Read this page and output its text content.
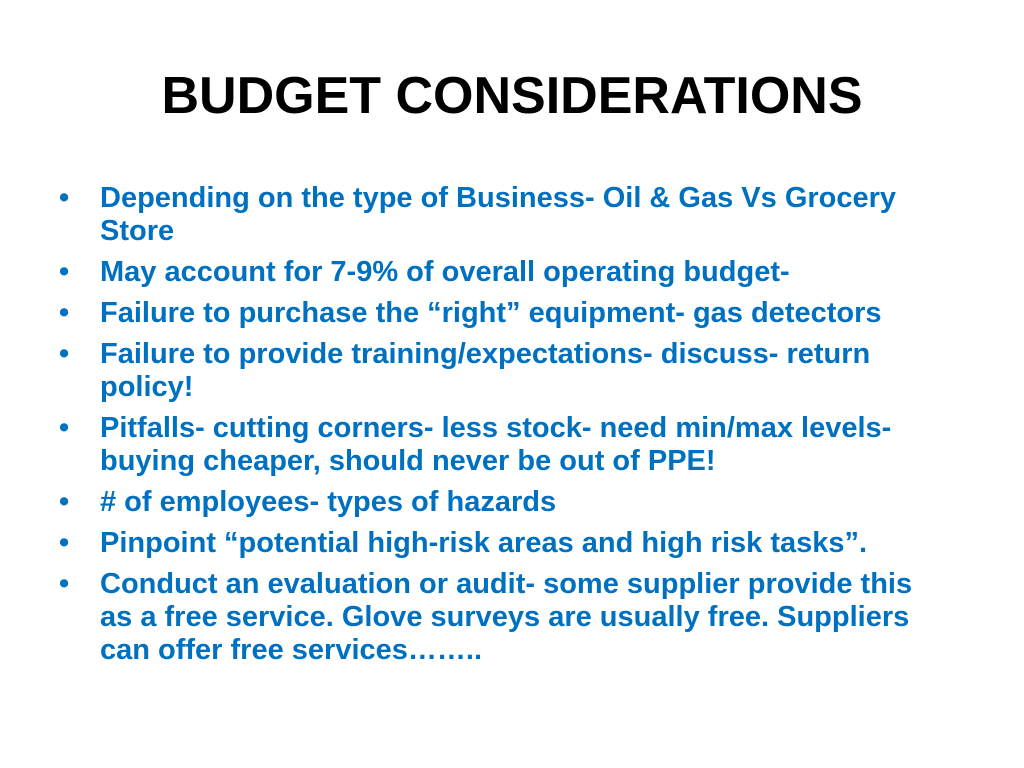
BUDGET CONSIDERATIONS
• Depending on the type of Business- Oil & Gas Vs Grocery Store
• May account for 7-9% of overall operating budget-
• Failure to purchase the “right” equipment- gas detectors
• Failure to provide training/expectations- discuss- return policy!
• Pitfalls- cutting corners- less stock- need min/max levels- buying cheaper, should never be out of PPE!
• # of employees- types of hazards
• Pinpoint “potential high-risk areas and high risk tasks”.
• Conduct an evaluation or audit- some supplier provide this as a free service. Glove surveys are usually free. Suppliers can offer free services……..
